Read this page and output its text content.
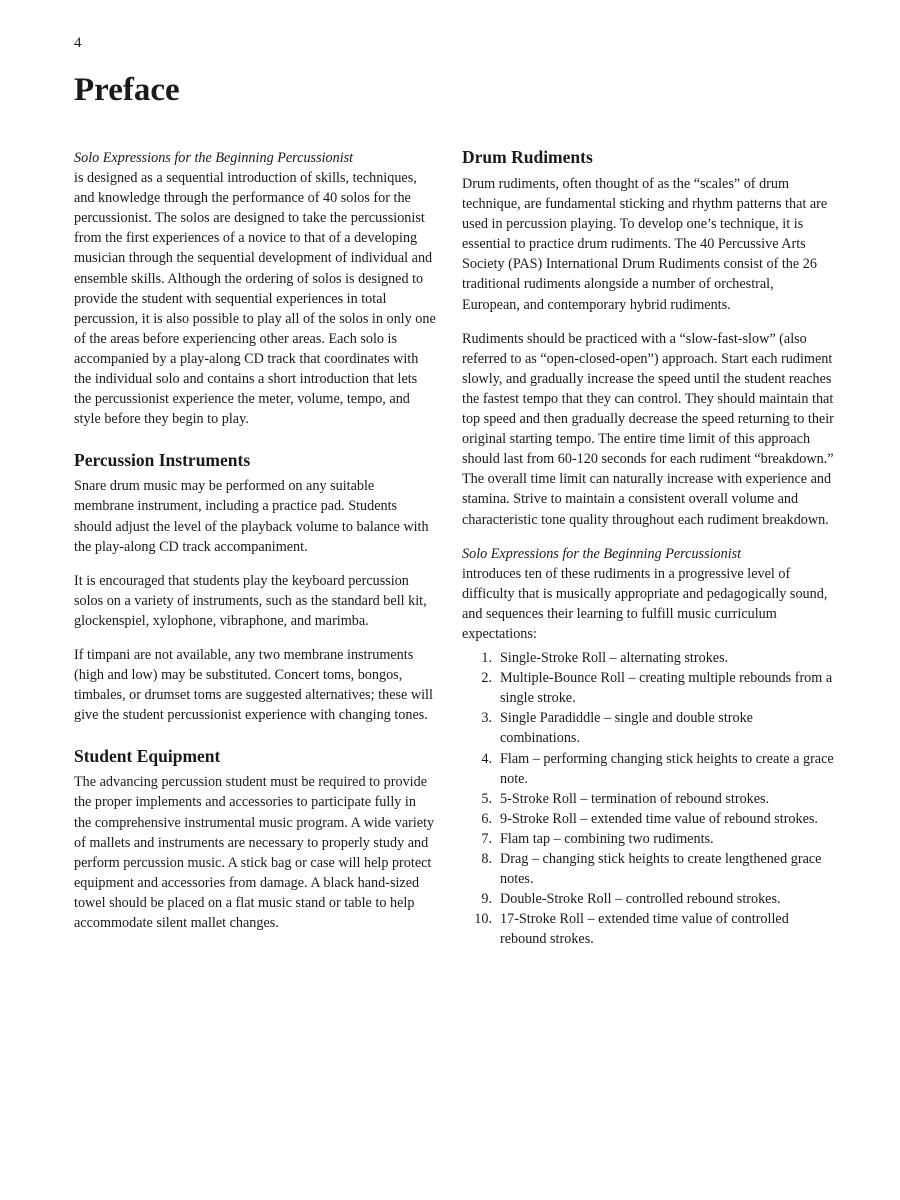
4
Preface

Solo Expressions for the Beginning Percussionist
is designed as a sequential introduction of skills, techniques, and knowledge through the performance of 40 solos for the percussionist. The solos are designed to take the percussionist from the first experiences of a novice to that of a developing musician through the sequential development of individual and ensemble skills. Although the ordering of solos is designed to provide the student with sequential experiences in total percussion, it is also possible to play all of the solos in only one of the areas before experiencing other areas. Each solo is accompanied by a play-along CD track that coordinates with the individual solo and contains a short introduction that lets the percussionist experience the meter, volume, tempo, and style before they begin to play.

Percussion Instruments

Snare drum music may be performed on any suitable membrane instrument, including a practice pad. Students should adjust the level of the playback volume to balance with the play-along CD track accompaniment.

It is encouraged that students play the keyboard percussion solos on a variety of instruments, such as the standard bell kit, glockenspiel, xylophone, vibraphone, and marimba.

If timpani are not available, any two membrane instruments (high and low) may be substituted. Concert toms, bongos, timbales, or drumset toms are suggested alternatives; these will give the student percussionist experience with changing tones.

Student Equipment

The advancing percussion student must be required to provide the proper implements and accessories to participate fully in the comprehensive instrumental music program. A wide variety of mallets and instruments are necessary to properly study and perform percussion music. A stick bag or case will help protect equipment and accessories from damage. A black hand-sized towel should be placed on a flat music stand or table to help accommodate silent mallet changes.

Drum Rudiments

Drum rudiments, often thought of as the “scales” of drum technique, are fundamental sticking and rhythm patterns that are used in percussion playing. To develop one’s technique, it is essential to practice drum rudiments. The 40 Percussive Arts Society (PAS) International Drum Rudiments consist of the 26 traditional rudiments alongside a number of orchestral, European, and contemporary hybrid rudiments.

Rudiments should be practiced with a “slow-fast-slow” (also referred to as “open-closed-open”) approach. Start each rudiment slowly, and gradually increase the speed until the student reaches the fastest tempo that they can control. They should maintain that top speed and then gradually decrease the speed returning to their original starting tempo. The entire time limit of this approach should last from 60-120 seconds for each rudiment “breakdown.” The overall time limit can naturally increase with experience and stamina. Strive to maintain a consistent overall volume and characteristic tone quality throughout each rudiment breakdown.

Solo Expressions for the Beginning Percussionist
introduces ten of these rudiments in a progressive level of difficulty that is musically appropriate and pedagogically sound, and sequences their learning to fulfill music curriculum expectations:

1. Single-Stroke Roll – alternating strokes.
2. Multiple-Bounce Roll – creating multiple rebounds from a single stroke.
3. Single Paradiddle – single and double stroke combinations.
4. Flam – performing changing stick heights to create a grace note.
5. 5-Stroke Roll – termination of rebound strokes.
6. 9-Stroke Roll – extended time value of rebound strokes.
7. Flam tap – combining two rudiments.
8. Drag – changing stick heights to create lengthened grace notes.
9. Double-Stroke Roll – controlled rebound strokes.
10. 17-Stroke Roll – extended time value of controlled rebound strokes.
